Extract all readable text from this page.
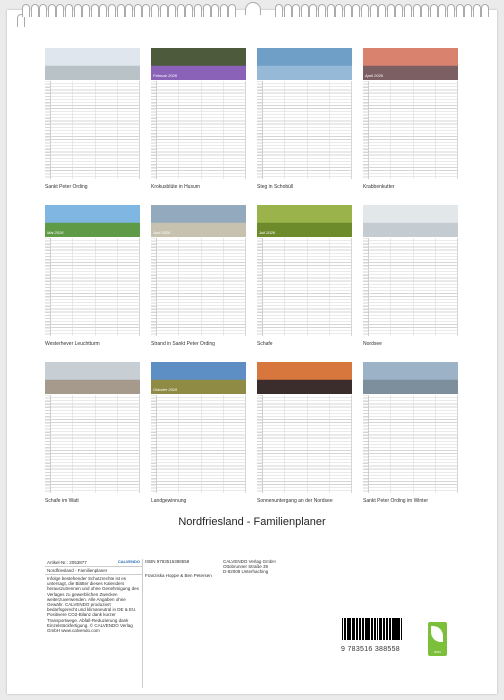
Sankt Peter Ording
Februar 2026
Krokusblüte in Husum	Steg in Schobüll
April 2026
Krabbenkutter
Mai 2026
Westerhever Leuchtturm
Juni 2026
Strand in Sankt Peter Ording
Juli 2026
Schafe	Nordsee
Schafe im Watt
Oktober 2026
Landgewinnung	Sonnenuntergang an der Nordsee	Sankt Peter Ording im Winter
Nordfriesland - Familienplaner
Artikel-Nr.: 2053877	CALVENDO
Nordfriesland - Familienplaner
Infolge bestehender Schutzrechte ist es untersagt, die Blätter dieses Kalenders herauszutrennen und ohne Genehmigung des Verlages zu gewerblichen Zwecken weiterzuverwenden. Alle Angaben ohne Gewähr. CALVENDO produziert bedarfsgerecht und klimaneutral in DE & EU. Positivere CO2-Bilanz dank kurzer Transportwege. Abfall-Reduzierung dank Einzelstückfertigung. © CALVENDO Verlag GmbH www.calvendo.com
ISBN 9783516388558
Franziska Hoppe & Ben Petersen
CALVENDO Verlag GmbH
Ottobrunner Straße 39
D-82008 Unterhaching
9 783516 388558	eco
